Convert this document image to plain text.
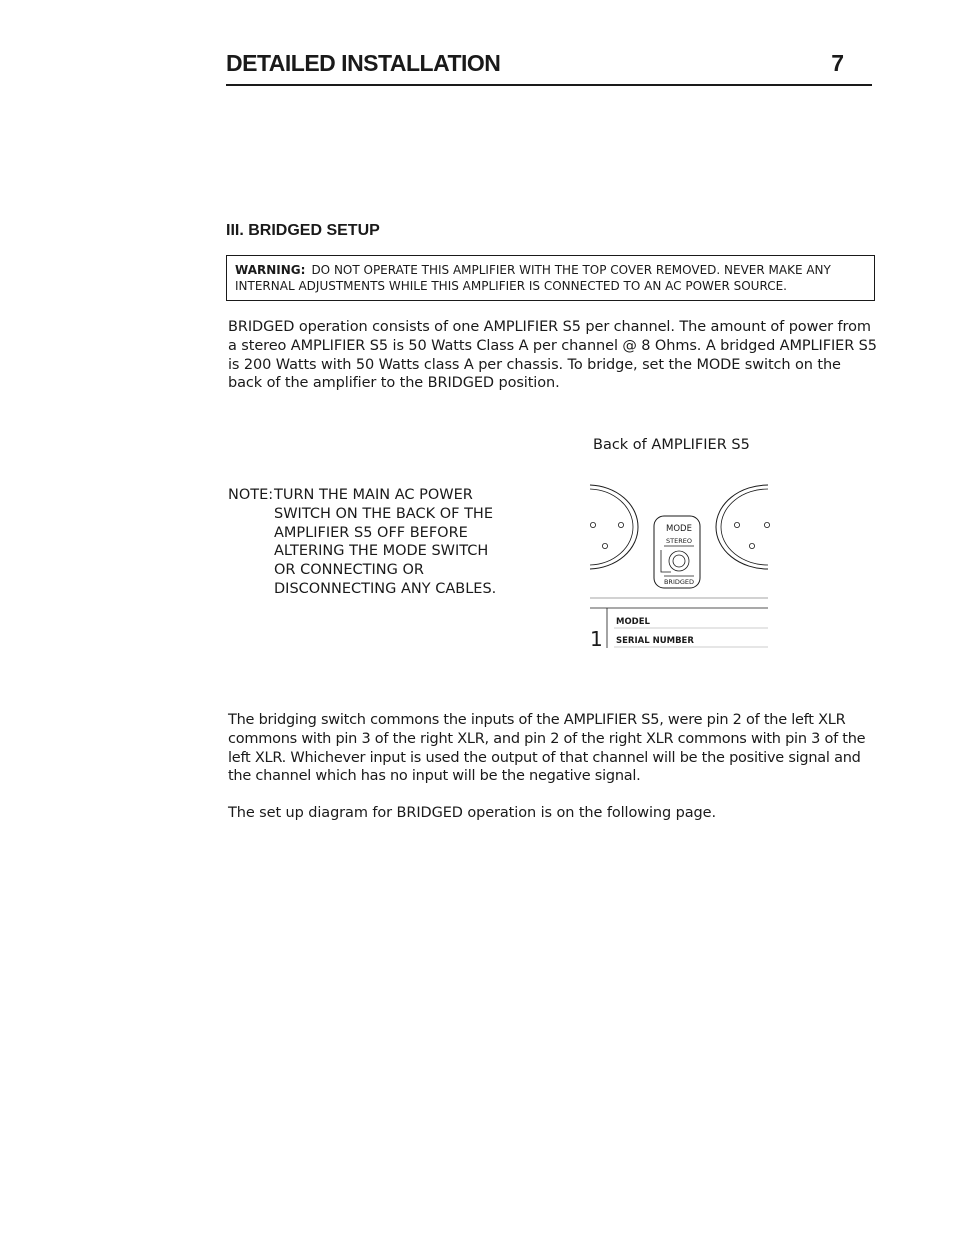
DETAILED INSTALLATION	7
III. BRIDGED SETUP
WARNING: DO NOT OPERATE THIS AMPLIFIER WITH THE TOP COVER REMOVED. NEVER MAKE ANY INTERNAL ADJUSTMENTS WHILE THIS AMPLIFIER IS CONNECTED TO AN AC POWER SOURCE.
BRIDGED operation consists of one AMPLIFIER S5 per channel. The amount of power from a stereo AMPLIFIER S5 is 50 Watts Class A per channel @ 8 Ohms. A bridged AMPLIFIER S5 is 200 Watts with 50 Watts class A per chassis. To bridge, set the MODE switch on the back of the amplifier to the BRIDGED position.
Back of AMPLIFIER S5
NOTE:TURN THE MAIN AC POWER
SWITCH ON THE BACK OF THE
AMPLIFIER S5 OFF BEFORE
ALTERING THE MODE SWITCH
OR CONNECTING OR
DISCONNECTING ANY CABLES.
MODE
STEREO
BRIDGED
MODEL
SERIAL NUMBER
1
The bridging switch commons the inputs of the AMPLIFIER S5, were pin 2 of the left XLR commons with pin 3 of the right XLR, and pin 2 of the right XLR commons with pin 3 of the left XLR. Whichever input is used the output of that channel will be the positive signal and the channel which has no input will be the negative signal.
The set up diagram for BRIDGED operation is on the following page.
